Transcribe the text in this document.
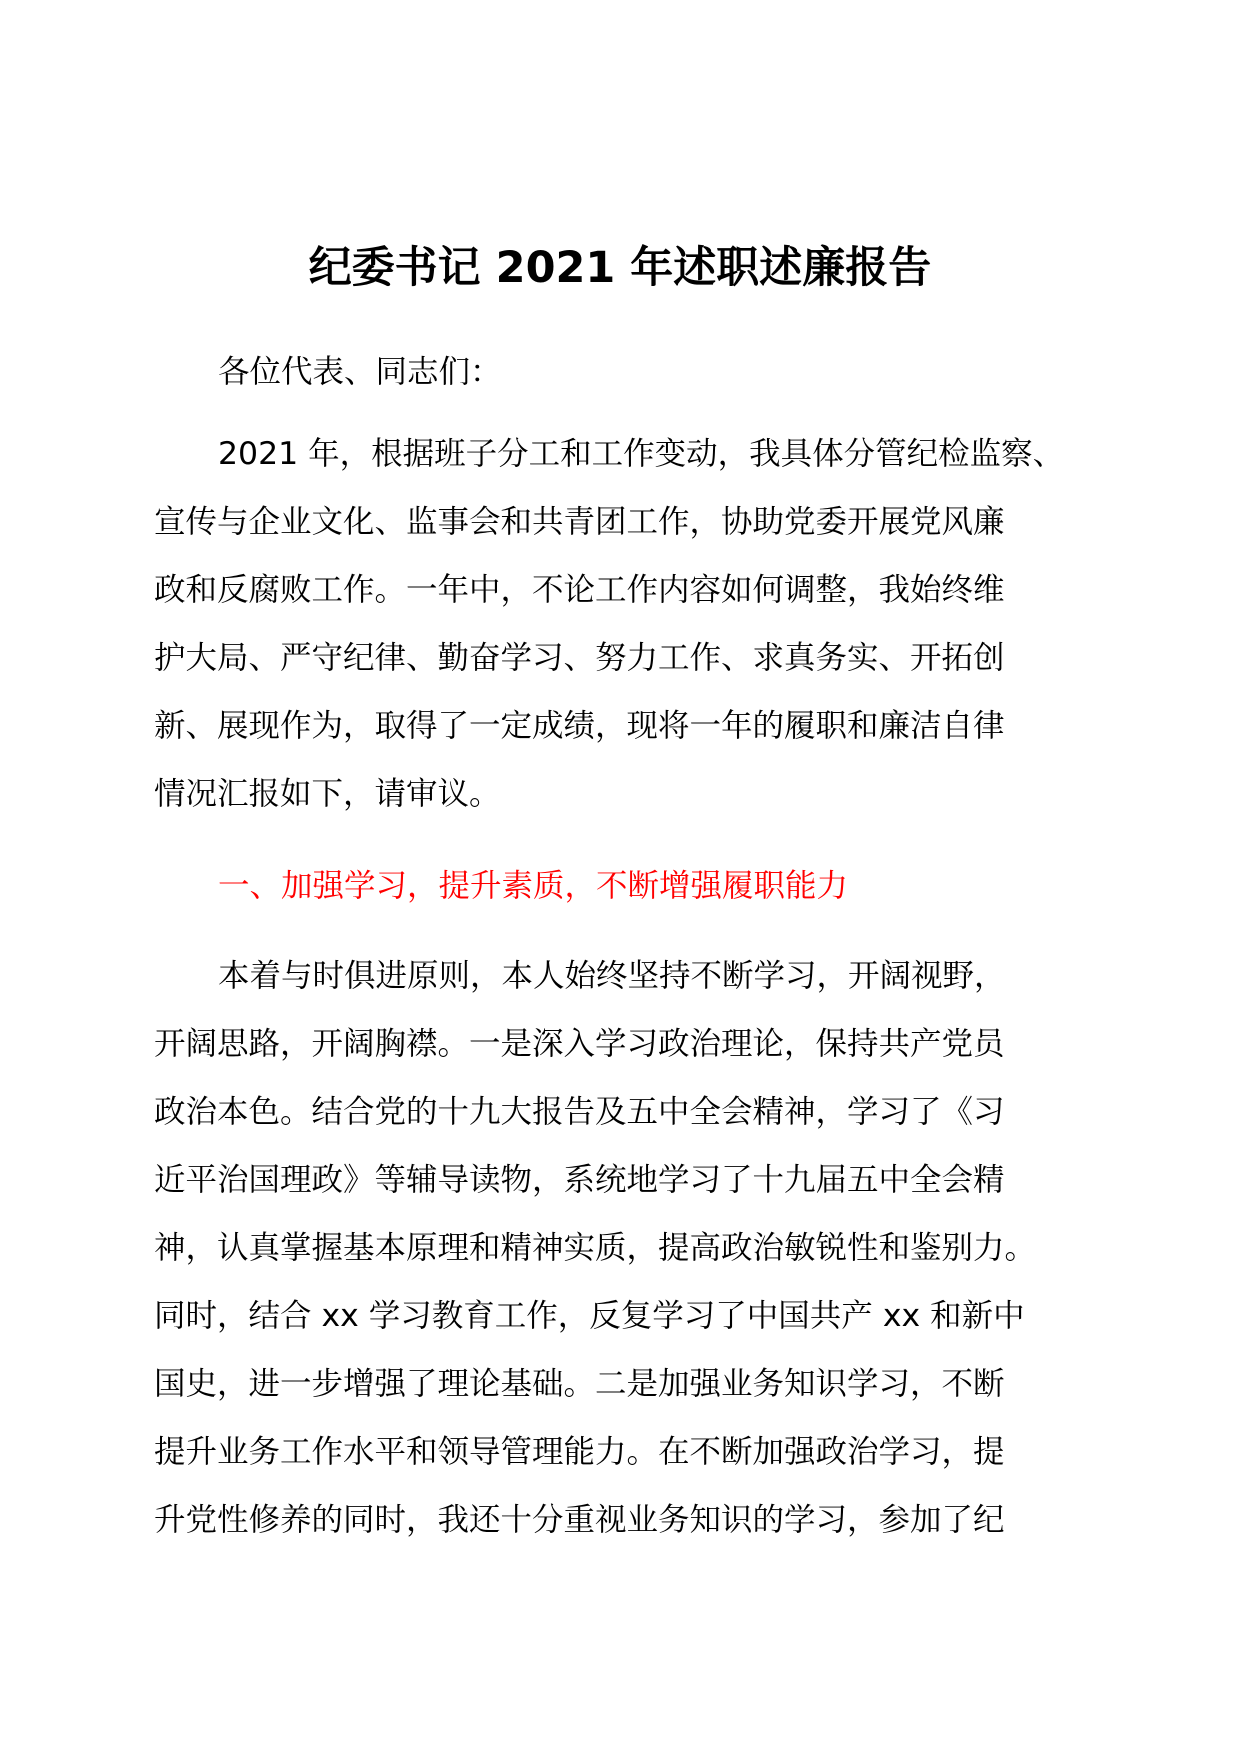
纪委书记 2021 年述职述廉报告
各位代表、同志们：
2021 年，根据班子分工和工作变动，我具体分管纪检监察、
宣传与企业文化、监事会和共青团工作，协助党委开展党风廉
政和反腐败工作。一年中，不论工作内容如何调整，我始终维
护大局、严守纪律、勤奋学习、努力工作、求真务实、开拓创
新、展现作为，取得了一定成绩，现将一年的履职和廉洁自律
情况汇报如下，请审议。
一、加强学习，提升素质，不断增强履职能力
本着与时俱进原则，本人始终坚持不断学习，开阔视野，
开阔思路，开阔胸襟。一是深入学习政治理论，保持共产党员
政治本色。结合党的十九大报告及五中全会精神，学习了《习
近平治国理政》等辅导读物，系统地学习了十九届五中全会精
神，认真掌握基本原理和精神实质，提高政治敏锐性和鉴别力。
同时，结合 xx 学习教育工作，反复学习了中国共产 xx 和新中
国史，进一步增强了理论基础。二是加强业务知识学习，不断
提升业务工作水平和领导管理能力。在不断加强政治学习，提
升党性修养的同时，我还十分重视业务知识的学习，参加了纪
